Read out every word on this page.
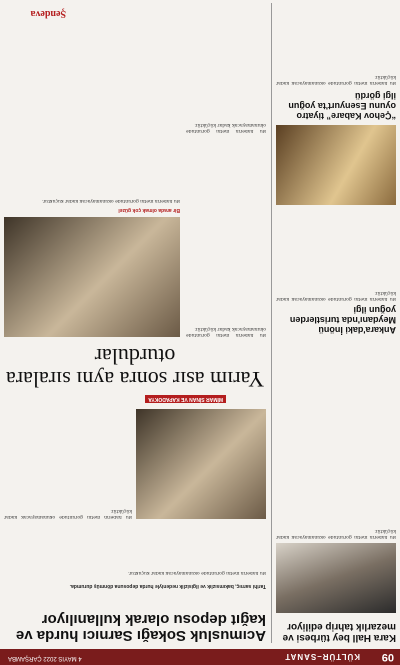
09
KÜLTÜR–SANAT
4 MAYIS 2022 ÇARŞAMBA
Kara Hall bey türbesi ve mezarlık tahrip ediliyor
Bu haberin metni görüntüde okunamayacak kadar küçüktür.
Acımusluk Sokağı Sarnıcı hurda ve kağıt deposu olarak kullanılıyor
Tarihi sarnıç, bakımsızlık ve ilgisizlik nedeniyle hurda deposuna dönmüş durumda.
Bu haberin metni görüntüde okunamayacak kadar küçüktür.
Bu haberin metni görüntüde okunamayacak kadar küçüktür.
Ankara'daki İnönü Meydanı'nda turistlerden yoğun ilgi
Bu haberin metni görüntüde okunamayacak kadar küçüktür.
“Çehov Kabare” tiyatro oyunu Esenyurt'ta yoğun ilgi gördü
Bu haberin metni görüntüde okunamayacak kadar küçüktür.
MİMAR SİNAN VE KAPADOKYA
Yarım asır sonra aynı sıralara oturdular
Bu haberin metni görüntüde okunamayacak kadar küçüktür.
Bir arada olmak çok güzel
Bu haberin metni görüntüde okunamayacak kadar küçüktür.
Bu haberin metni görüntüde okunamayacak kadar küçüktür.
Şendeva
